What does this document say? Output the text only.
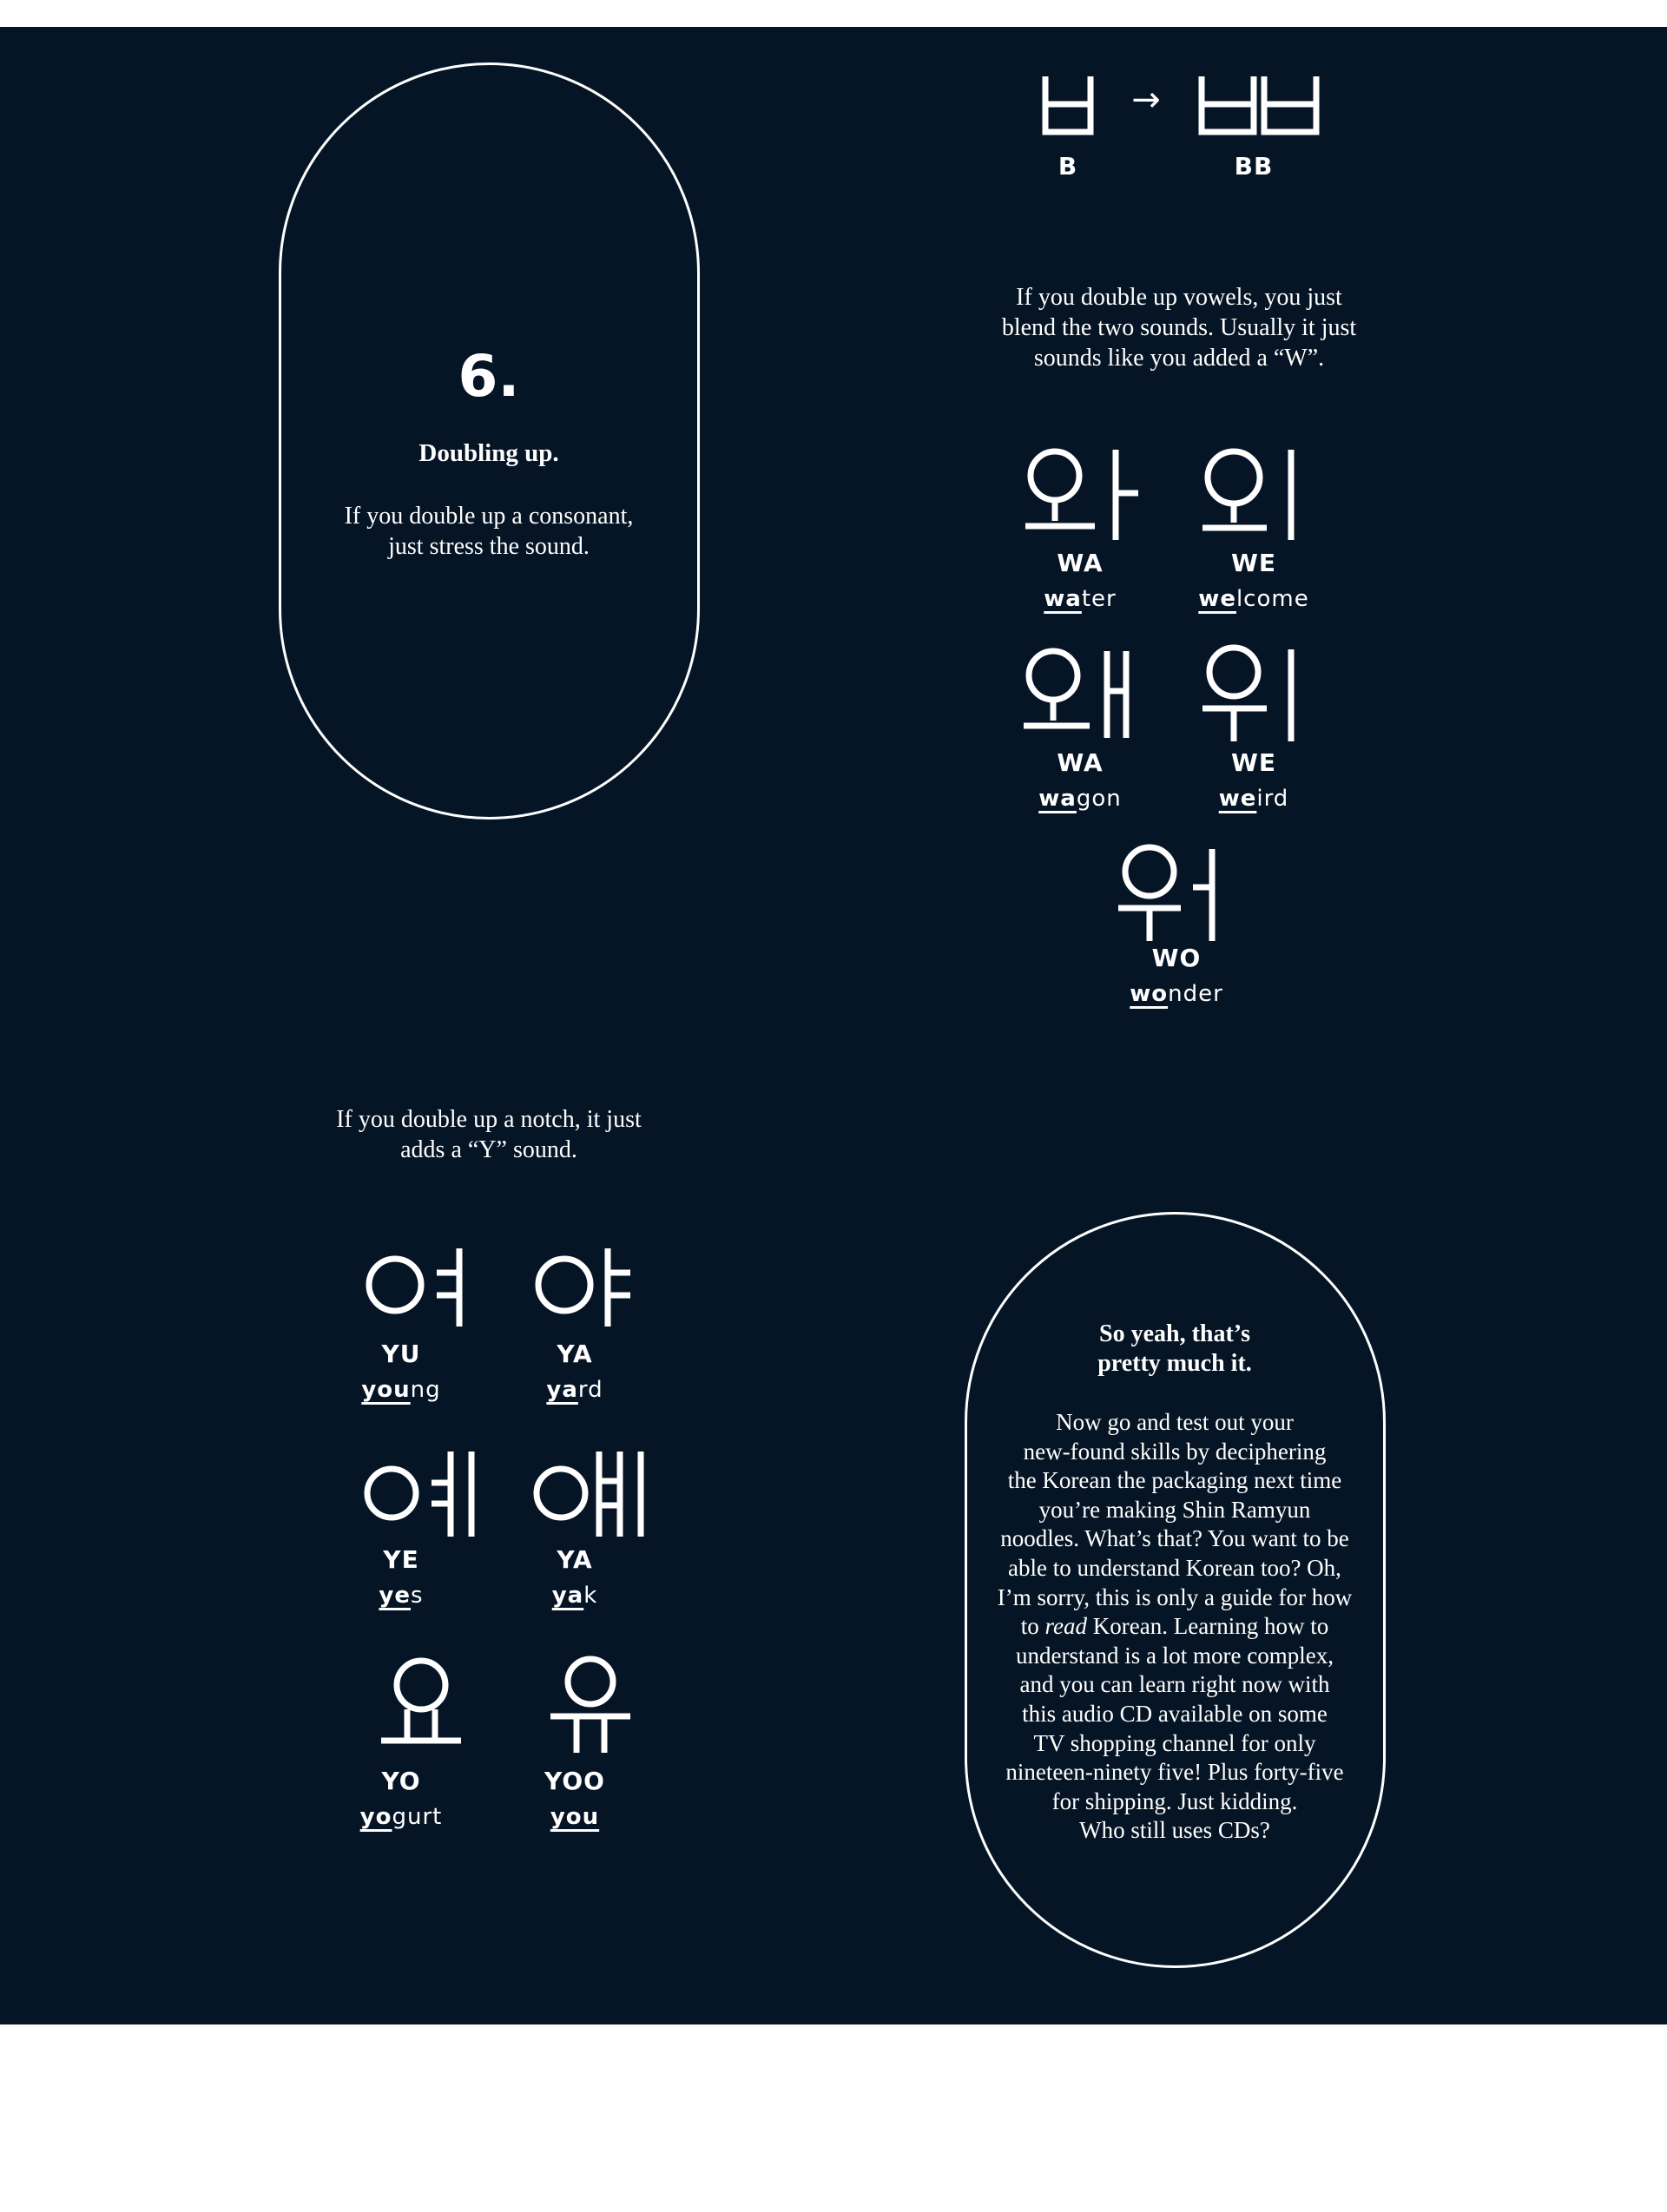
6.
Doubling up.
If you double up a consonant, just stress the sound.
→
B	BB
If you double up vowels, you just blend the two sounds. Usually it just sounds like you added a “W”.
WA
water
WE
welcome
WA
wagon
WE
weird
WO
wonder
If you double up a notch, it just adds a “Y” sound.
YU
young
YA
yard
YE
yes
YA
yak
YO
yogurt
YOO
you
So yeah, that’s
pretty much it.
Now go and test out your
new-found skills by deciphering
the Korean the packaging next time
you’re making Shin Ramyun
noodles. What’s that? You want to be
able to understand Korean too? Oh,
I’m sorry, this is only a guide for how
to read Korean. Learning how to
understand is a lot more complex,
and you can learn right now with
this audio CD available on some
TV shopping channel for only
nineteen-ninety five! Plus forty-five
for shipping. Just kidding.
Who still uses CDs?
